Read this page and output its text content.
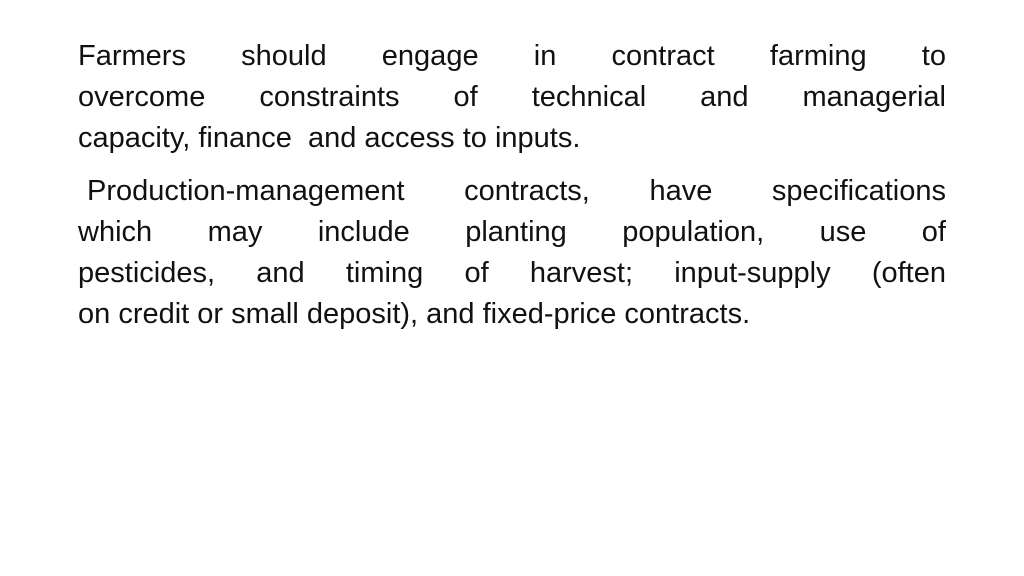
Farmers should engage in contract farming to
overcome constraints of technical and managerial
capacity, finance  and access to inputs.
Production-management contracts, have specifications
which may include planting population, use of
pesticides, and timing of harvest; input-supply (often
on credit or small deposit), and fixed-price contracts.
